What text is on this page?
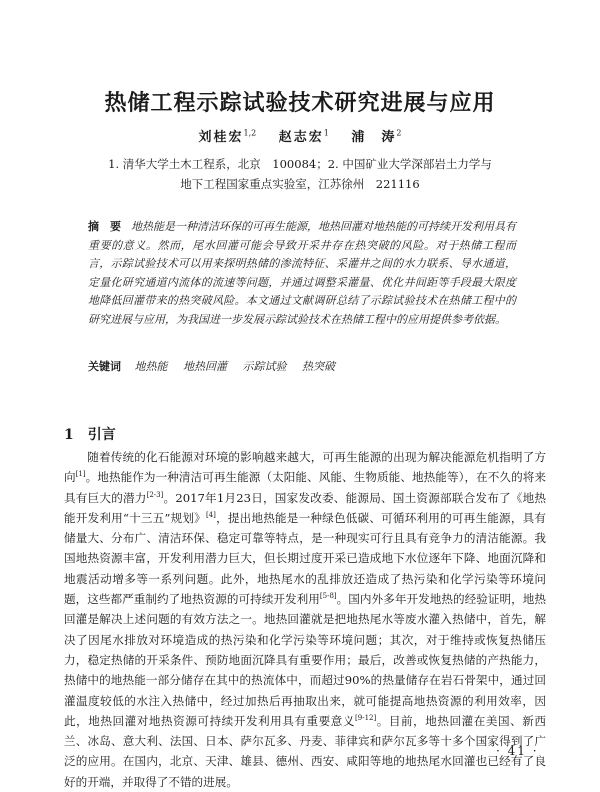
热储工程示踪试验技术研究进展与应用
刘桂宏$^{1,2}$ 赵志宏$^1$ 浦　涛$^2$
1. 清华大学土木工程系，北京　100084；2. 中国矿业大学深部岩土力学与
地下工程国家重点实验室，江苏徐州　221116
摘　要 地热能是一种清洁环保的可再生能源，地热回灌对地热能的可持续开发利用具有重要的意义。然而，尾水回灌可能会导致开采井存在热突破的风险。对于热储工程而言，示踪试验技术可以用来探明热储的渗流特征、采灌井之间的水力联系、导水通道，定量化研究通道内流体的流速等问题，并通过调整采灌量、优化井间距等手段最大限度地降低回灌带来的热突破风险。本文通过文献调研总结了示踪试验技术在热储工程中的研究进展与应用，为我国进一步发展示踪试验技术在热储工程中的应用提供参考依据。
关键词 地热能 地热回灌 示踪试验 热突破
1 引言

随着传统的化石能源对环境的影响越来越大，可再生能源的出现为解决能源危机指明了方向[1]。地热能作为一种清洁可再生能源（太阳能、风能、生物质能、地热能等），在不久的将来具有巨大的潜力[2-3]。2017年1月23日，国家发改委、能源局、国土资源部联合发布了《地热能开发利用“十三五”规划》[4]，提出地热能是一种绿色低碳、可循环利用的可再生能源，具有储量大、分布广、清洁环保、稳定可靠等特点，是一种现实可行且具有竞争力的清洁能源。我国地热资源丰富，开发利用潜力巨大，但长期过度开采已造成地下水位逐年下降、地面沉降和地震活动增多等一系列问题。此外，地热尾水的乱排放还造成了热污染和化学污染等环境问题，这些都严重制约了地热资源的可持续开发利用[5-8]。国内外多年开发地热的经验证明，地热回灌是解决上述问题的有效方法之一。地热回灌就是把地热尾水等废水灌入热储中，首先，解决了因尾水排放对环境造成的热污染和化学污染等环境问题；其次，对于维持或恢复热储压力，稳定热储的开采条件、预防地面沉降具有重要作用；最后，改善或恢复热储的产热能力，热储中的地热能一部分储存在其中的热流体中，而超过90%的热量储存在岩石骨架中，通过回灌温度较低的水注入热储中，经过加热后再抽取出来，就可能提高地热资源的利用效率，因此，地热回灌对地热资源可持续开发利用具有重要意义[9-12]。目前，地热回灌在美国、新西兰、冰岛、意大利、法国、日本、萨尔瓦多、丹麦、菲律宾和萨尔瓦多等十多个国家得到了广泛的应用。在国内，北京、天津、雄县、德州、西安、咸阳等地的地热尾水回灌也已经有了良好的开端，并取得了不错的进展。

· 41 ·
